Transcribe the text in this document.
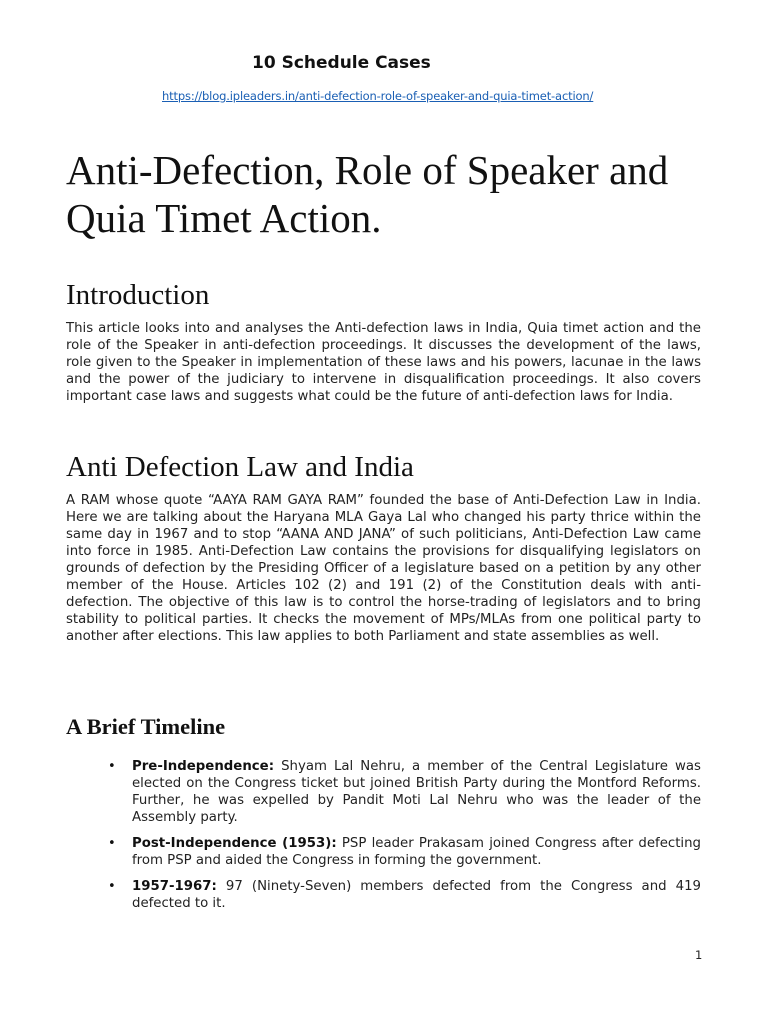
10 Schedule Cases
https://blog.ipleaders.in/anti-defection-role-of-speaker-and-quia-timet-action/
Anti-Defection, Role of Speaker and Quia Timet Action.
Introduction

This article looks into and analyses the Anti-defection laws in India, Quia timet action and the role of the Speaker in anti-defection proceedings. It discusses the development of the laws, role given to the Speaker in implementation of these laws and his powers, lacunae in the laws and the power of the judiciary to intervene in disqualification proceedings. It also covers important case laws and suggests what could be the future of anti-defection laws for India.

Anti Defection Law and India

A RAM whose quote “AAYA RAM GAYA RAM” founded the base of Anti-Defection Law in India. Here we are talking about the Haryana MLA Gaya Lal who changed his party thrice within the same day in 1967 and to stop “AANA AND JANA” of such politicians, Anti-Defection Law came into force in 1985. Anti-Defection Law contains the provisions for disqualifying legislators on grounds of defection by the Presiding Officer of a legislature based on a petition by any other member of the House. Articles 102 (2) and 191 (2) of the Constitution deals with anti-defection. The objective of this law is to control the horse-trading of legislators and to bring stability to political parties. It checks the movement of MPs/MLAs from one political party to another after elections. This law applies to both Parliament and state assemblies as well.

A Brief Timeline
• Pre-Independence: Shyam Lal Nehru, a member of the Central Legislature was elected on the Congress ticket but joined British Party during the Montford Reforms. Further, he was expelled by Pandit Moti Lal Nehru who was the leader of the Assembly party.
• Post-Independence (1953): PSP leader Prakasam joined Congress after defecting from PSP and aided the Congress in forming the government.
• 1957-1967: 97 (Ninety-Seven) members defected from the Congress and 419 defected to it.
1
